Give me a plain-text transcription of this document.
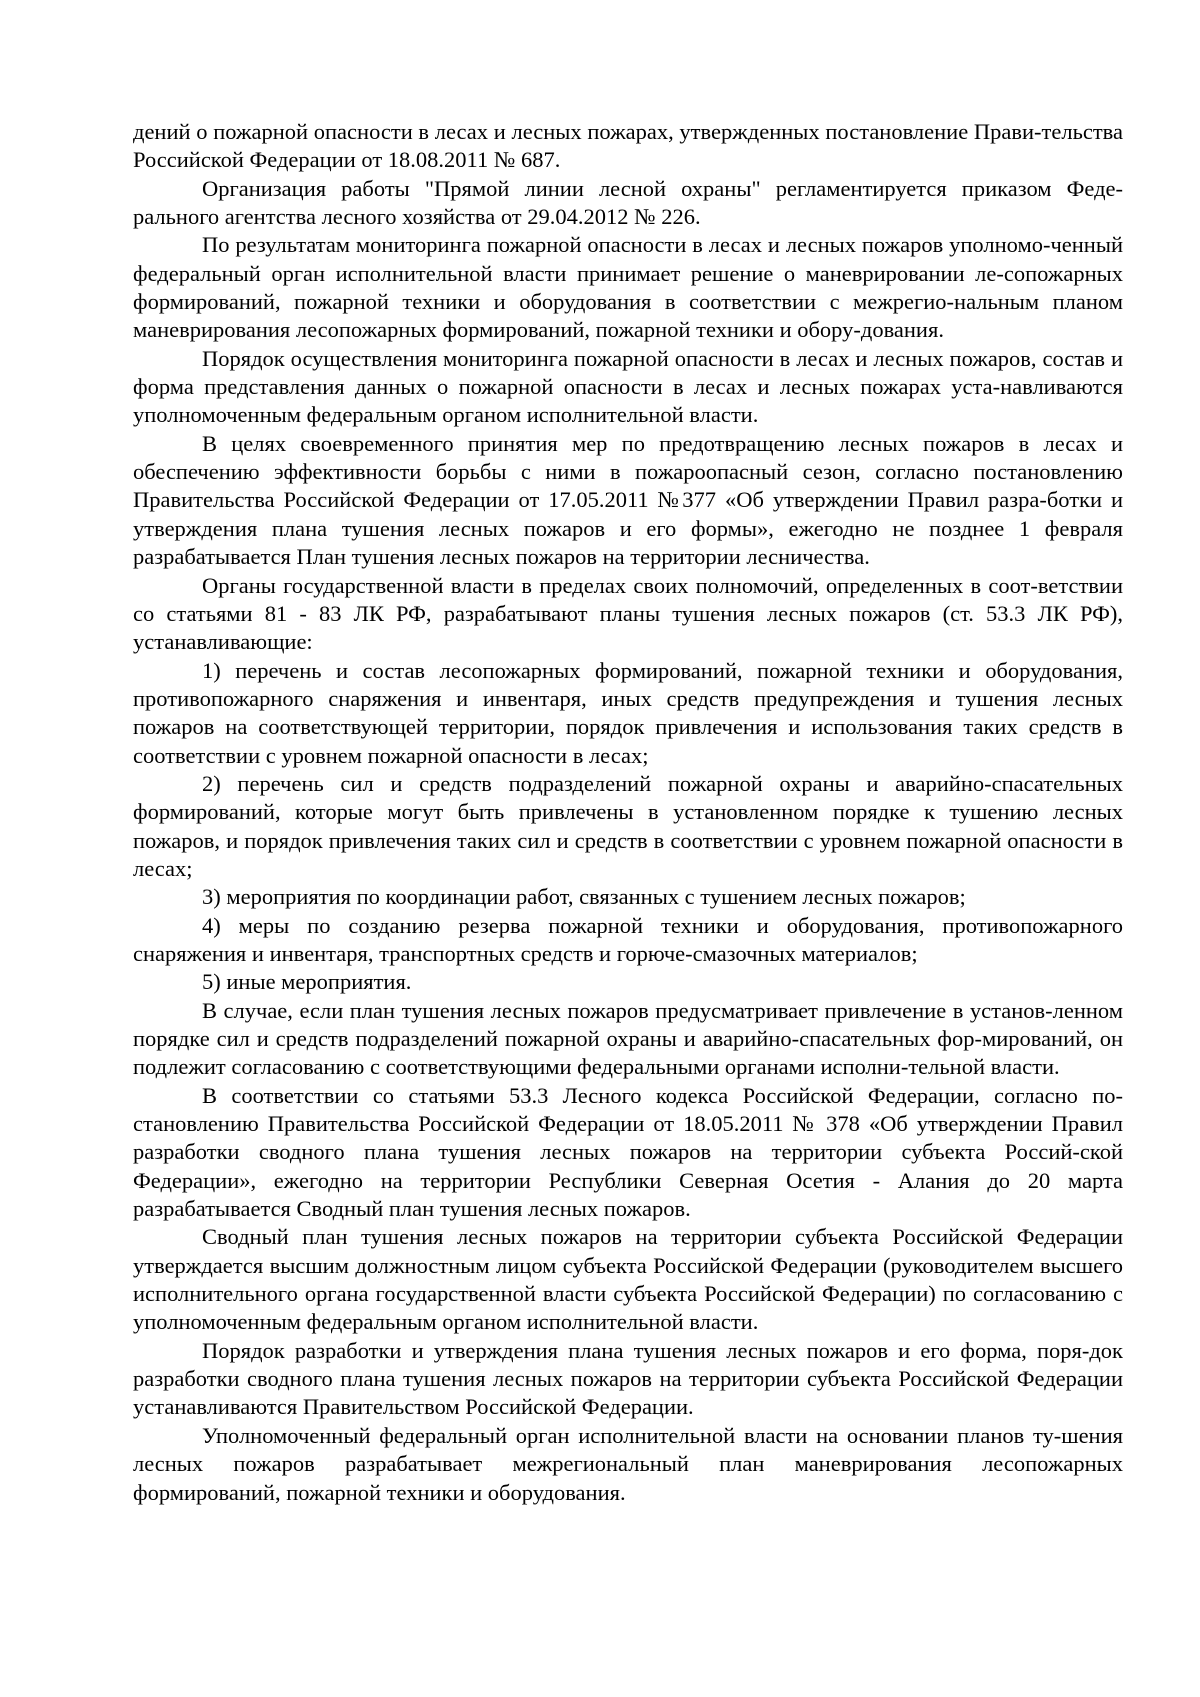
дений о пожарной опасности в лесах и лесных пожарах, утвержденных постановление Прави-тельства Российской Федерации от 18.08.2011 № 687.

Организация работы "Прямой линии лесной охраны" регламентируется приказом Феде-рального агентства лесного хозяйства от 29.04.2012 № 226.

По результатам мониторинга пожарной опасности в лесах и лесных пожаров уполномо-ченный федеральный орган исполнительной власти принимает решение о маневрировании ле-сопожарных формирований, пожарной техники и оборудования в соответствии с межрегио-нальным планом маневрирования лесопожарных формирований, пожарной техники и обору-дования.

Порядок осуществления мониторинга пожарной опасности в лесах и лесных пожаров, состав и форма представления данных о пожарной опасности в лесах и лесных пожарах уста-навливаются уполномоченным федеральным органом исполнительной власти.

В целях своевременного принятия мер по предотвращению лесных пожаров в лесах и обеспечению эффективности борьбы с ними в пожароопасный сезон, согласно постановлению Правительства Российской Федерации от 17.05.2011 №377 «Об утверждении Правил разра-ботки и утверждения плана тушения лесных пожаров и его формы», ежегодно не позднее 1 февраля разрабатывается План тушения лесных пожаров на территории лесничества.

Органы государственной власти в пределах своих полномочий, определенных в соот-ветствии со статьями 81 - 83 ЛК РФ, разрабатывают планы тушения лесных пожаров (ст. 53.3 ЛК РФ), устанавливающие:

1) перечень и состав лесопожарных формирований, пожарной техники и оборудования, противопожарного снаряжения и инвентаря, иных средств предупреждения и тушения лесных пожаров на соответствующей территории, порядок привлечения и использования таких средств в соответствии с уровнем пожарной опасности в лесах;

2) перечень сил и средств подразделений пожарной охраны и аварийно-спасательных формирований, которые могут быть привлечены в установленном порядке к тушению лесных пожаров, и порядок привлечения таких сил и средств в соответствии с уровнем пожарной опасности в лесах;

3) мероприятия по координации работ, связанных с тушением лесных пожаров;

4) меры по созданию резерва пожарной техники и оборудования, противопожарного снаряжения и инвентаря, транспортных средств и горюче-смазочных материалов;

5) иные мероприятия.

В случае, если план тушения лесных пожаров предусматривает привлечение в установ-ленном порядке сил и средств подразделений пожарной охраны и аварийно-спасательных фор-мирований, он подлежит согласованию с соответствующими федеральными органами исполни-тельной власти.

В соответствии со статьями 53.3 Лесного кодекса Российской Федерации, согласно по-становлению Правительства Российской Федерации от 18.05.2011 № 378 «Об утверждении Правил разработки сводного плана тушения лесных пожаров на территории субъекта Россий-ской Федерации», ежегодно на территории Республики Северная Осетия - Алания до 20 марта разрабатывается Сводный план тушения лесных пожаров.

Сводный план тушения лесных пожаров на территории субъекта Российской Федерации утверждается высшим должностным лицом субъекта Российской Федерации (руководителем высшего исполнительного органа государственной власти субъекта Российской Федерации) по согласованию с уполномоченным федеральным органом исполнительной власти.

Порядок разработки и утверждения плана тушения лесных пожаров и его форма, поря-док разработки сводного плана тушения лесных пожаров на территории субъекта Российской Федерации устанавливаются Правительством Российской Федерации.

Уполномоченный федеральный орган исполнительной власти на основании планов ту-шения лесных пожаров разрабатывает межрегиональный план маневрирования лесопожарных формирований, пожарной техники и оборудования.
